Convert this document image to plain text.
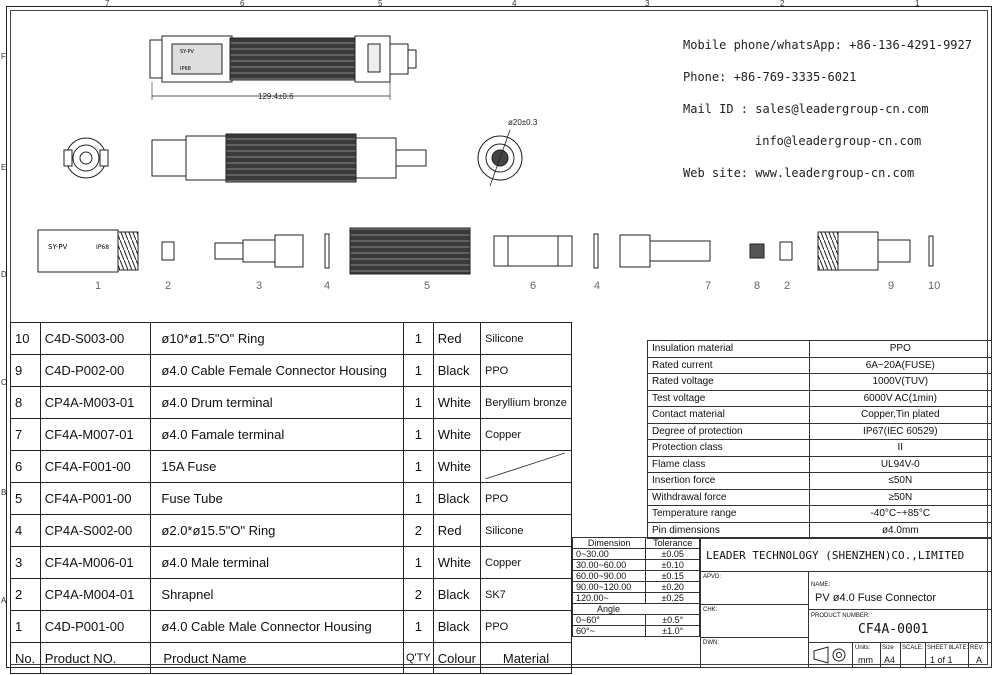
7	6	5	4	3	2	1
F
E
D
C
B
A
Mobile phone/whatsApp: +86-136-4291-9927
Phone: +86-769-3335-6021
Mail ID : sales@leadergroup-cn.com
info@leadergroup-cn.com
Web site: www.leadergroup-cn.com
SY-PV
IP68
SY-PV	IP68
129.4±0.6
ø20±0.3
1	2	3	4	5	6	4	7	8 2	9	10
10	C4D-S003-00	ø10*ø1.5"O" Ring	1	Red	Silicone
9	C4D-P002-00	ø4.0 Cable Female Connector Housing	1	Black	PPO
8	CP4A-M003-01	ø4.0 Drum terminal	1	White	Beryllium bronze
7	CF4A-M007-01	ø4.0 Famale terminal	1	White	Copper
6	CF4A-F001-00	15A Fuse	1	White	
5	CF4A-P001-00	Fuse Tube	1	Black	PPO
4	CP4A-S002-00	ø2.0*ø15.5"O" Ring	2	Red	Silicone
3	CF4A-M006-01	ø4.0 Male terminal	1	White	Copper
2	CP4A-M004-01	Shrapnel	2	Black	SK7
1	C4D-P001-00	ø4.0 Cable Male Connector Housing	1	Black	PPO
No.	Product NO.	Product Name	Q'TY	Colour	Material
Insulation material	PPO
Rated current	6A~20A(FUSE)
Rated voltage	1000V(TUV)
Test voltage	6000V AC(1min)
Contact material	Copper,Tin plated
Degree of protection	IP67(IEC 60529)
Protection class	II
Flame class	UL94V-0
Insertion force	≤50N
Withdrawal force	≥50N
Temperature range	-40°C~+85°C
Pin dimensions	ø4.0mm
Dimension	Tolerance
0~30.00	±0.05
30.00~60.00	±0.10
60.00~90.00	±0.15
90.00~120.00	±0.20
120.00~	±0.25
Angle	
0~60°	±0.5°
60°~	±1.0°
LEADER TECHNOLOGY (SHENZHEN)CO.,LIMITED
APVD:
CHK:
DWN:
NAME:
PV ø4.0 Fuse Connector
PRODUCT NUMBER:
CF4A-0001
Units:
mm
Size
A4
SCALE: SHEET 8LATE:
1 of 1
REV:
A
